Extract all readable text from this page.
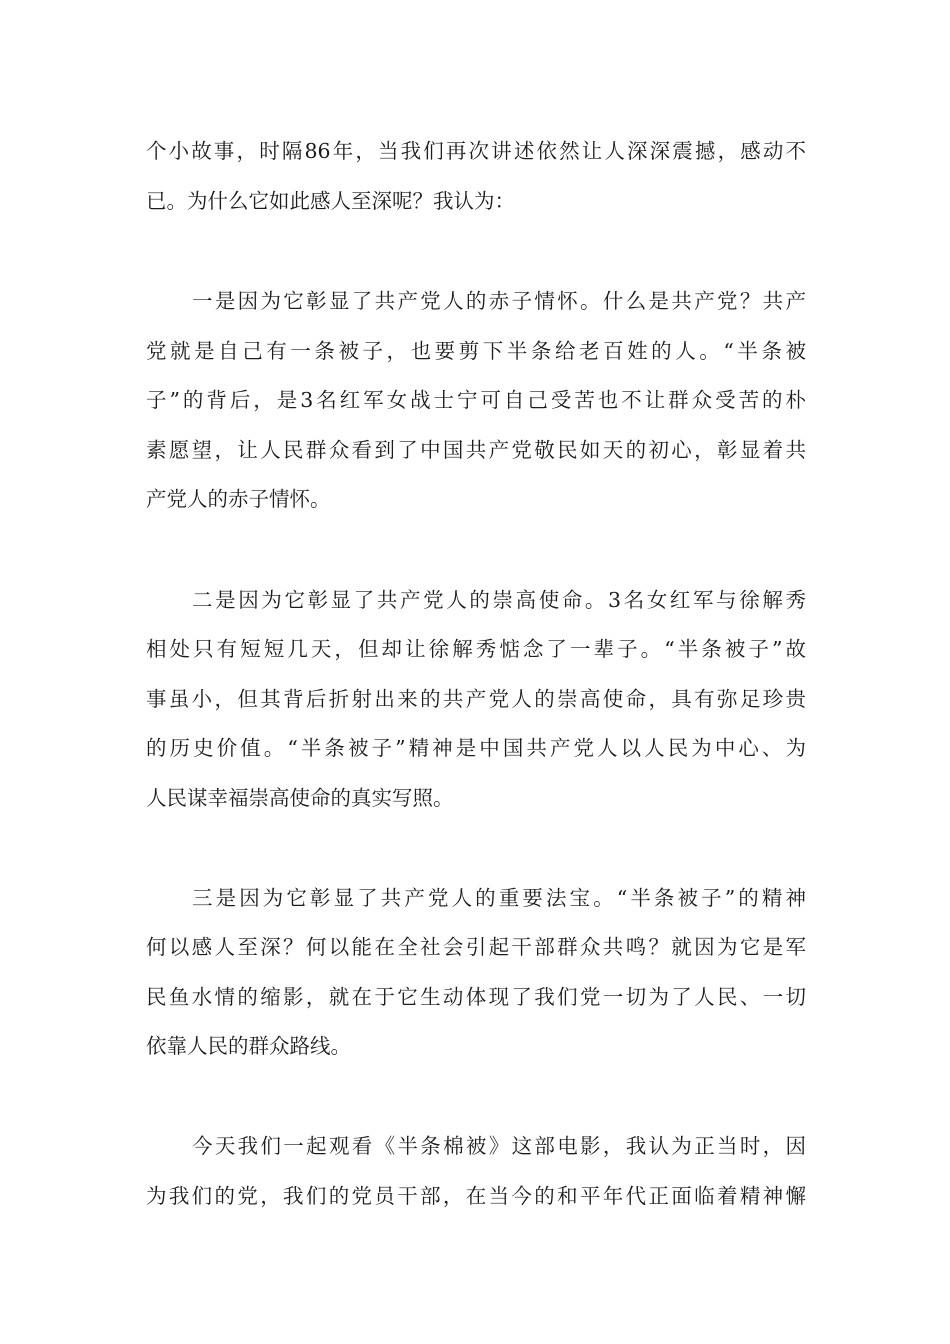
个小故事，时隔86年，当我们再次讲述依然让人深深震撼，感动不
已。为什么它如此感人至深呢？我认为：
一是因为它彰显了共产党人的赤子情怀。什么是共产党？共产
党就是自己有一条被子，也要剪下半条给老百姓的人。“半条被
子”的背后，是3名红军女战士宁可自己受苦也不让群众受苦的朴
素愿望，让人民群众看到了中国共产党敬民如天的初心，彰显着共
产党人的赤子情怀。
二是因为它彰显了共产党人的崇高使命。3名女红军与徐解秀
相处只有短短几天，但却让徐解秀惦念了一辈子。“半条被子”故
事虽小，但其背后折射出来的共产党人的崇高使命，具有弥足珍贵
的历史价值。“半条被子”精神是中国共产党人以人民为中心、为
人民谋幸福崇高使命的真实写照。
三是因为它彰显了共产党人的重要法宝。“半条被子”的精神
何以感人至深？何以能在全社会引起干部群众共鸣？就因为它是军
民鱼水情的缩影，就在于它生动体现了我们党一切为了人民、一切
依靠人民的群众路线。
今天我们一起观看《半条棉被》这部电影，我认为正当时，因
为我们的党，我们的党员干部，在当今的和平年代正面临着精神懈
